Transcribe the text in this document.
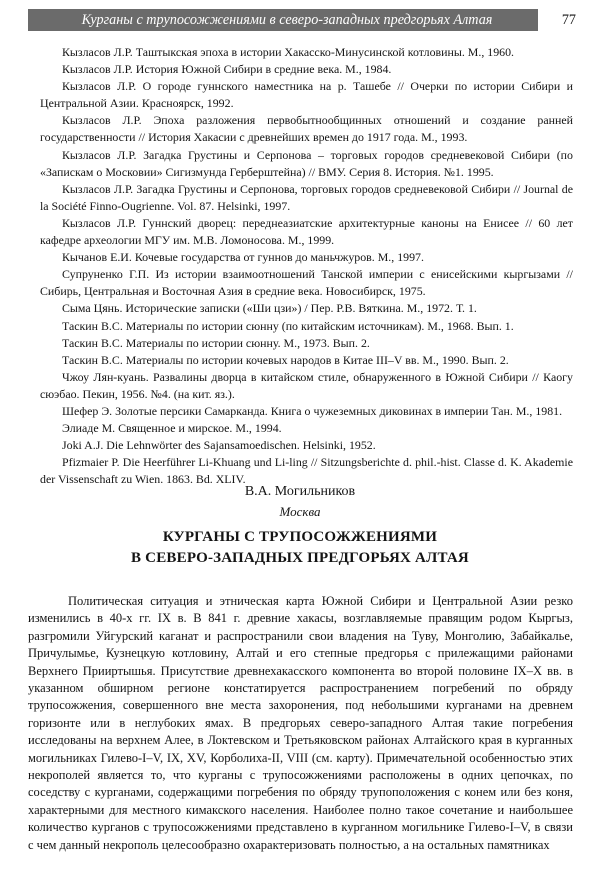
Курганы с трупосожжениями в северо-западных предгорьях Алтая	77
Кызласов Л.Р. Таштыкская эпоха в истории Хакасско-Минусинской котловины. М., 1960.
Кызласов Л.Р. История Южной Сибири в средние века. М., 1984.
Кызласов Л.Р. О городе гуннского наместника на р. Ташебе // Очерки по истории Сибири и Центральной Азии. Красноярск, 1992.
Кызласов Л.Р. Эпоха разложения первобытнообщинных отношений и создание ранней государственности // История Хакасии с древнейших времен до 1917 года. М., 1993.
Кызласов Л.Р. Загадка Грустины и Серпонова – торговых городов средневековой Сибири (по «Запискам о Московии» Сигизмунда Герберштейна) // ВМУ. Серия 8. История. №1. 1995.
Кызласов Л.Р. Загадка Грустины и Серпонова, торговых городов средневековой Сибири // Journal de la Société Finno-Ougrienne. Vol. 87. Helsinki, 1997.
Кызласов Л.Р. Гуннский дворец: переднеазиатские архитектурные каноны на Енисее // 60 лет кафедре археологии МГУ им. М.В. Ломоносова. М., 1999.
Кычанов Е.И. Кочевые государства от гуннов до маньчжуров. М., 1997.
Супруненко Г.П. Из истории взаимоотношений Танской империи с енисейскими кыргызами // Сибирь, Центральная и Восточная Азия в средние века. Новосибирск, 1975.
Сыма Цянь. Исторические записки («Ши цзи») / Пер. Р.В. Вяткина. М., 1972. Т. 1.
Таскин В.С. Материалы по истории сюнну (по китайским источникам). М., 1968. Вып. 1.
Таскин В.С. Материалы по истории сюнну. М., 1973. Вып. 2.
Таскин В.С. Материалы по истории кочевых народов в Китае III–V вв. М., 1990. Вып. 2.
Чжоу Лян-куань. Развалины дворца в китайском стиле, обнаруженного в Южной Сибири // Каогу сюэбао. Пекин, 1956. №4. (на кит. яз.).
Шефер Э. Золотые персики Самарканда. Книга о чужеземных диковинах в империи Тан. М., 1981.
Элиаде М. Священное и мирское. М., 1994.
Joki A.J. Die Lehnwörter des Sajansamoedischen. Helsinki, 1952.
Pfizmaier P. Die Heerführer Li-Khuang und Li-ling // Sitzungsberichte d. phil.-hist. Classe d. K. Akademie der Vissenschaft zu Wien. 1863. Bd. XLIV.
В.А. Могильников
Москва
КУРГАНЫ С ТРУПОСОЖЖЕНИЯМИ
В СЕВЕРО-ЗАПАДНЫХ ПРЕДГОРЬЯХ АЛТАЯ

Политическая ситуация и этническая карта Южной Сибири и Центральной Азии резко изменились в 40-х гг. IX в. В 841 г. древние хакасы, возглавляемые правящим родом Кыргыз, разгромили Уйгурский каганат и распространили свои владения на Туву, Монголию, Забайкалье, Причулымье, Кузнецкую котловину, Алтай и его степные предгорья с прилежащими районами Верхнего Прииртышья. Присутствие древнехакасского компонента во второй половине IX–X вв. в указанном обширном регионе констатируется распространением погребений по обряду трупосожжения, совершенного вне места захоронения, под небольшими курганами на древнем горизонте или в неглубоких ямах. В предгорьях северо-западного Алтая такие погребения исследованы на верхнем Алее, в Локтевском и Третьяковском районах Алтайского края в курганных могильниках Гилево-I–V, IX, XV, Корболиха-II, VIII (см. карту). Примечательной особенностью этих некрополей является то, что курганы с трупосожжениями расположены в одних цепочках, по соседству с курганами, содержащими погребения по обряду трупоположения с конем или без коня, характерными для местного кимакского населения. Наиболее полно такое сочетание и наибольшее количество курганов с трупосожжениями представлено в курганном могильнике Гилево-I–V, в связи с чем данный некрополь целесообразно охарактеризовать полностью, а на остальных памятниках
